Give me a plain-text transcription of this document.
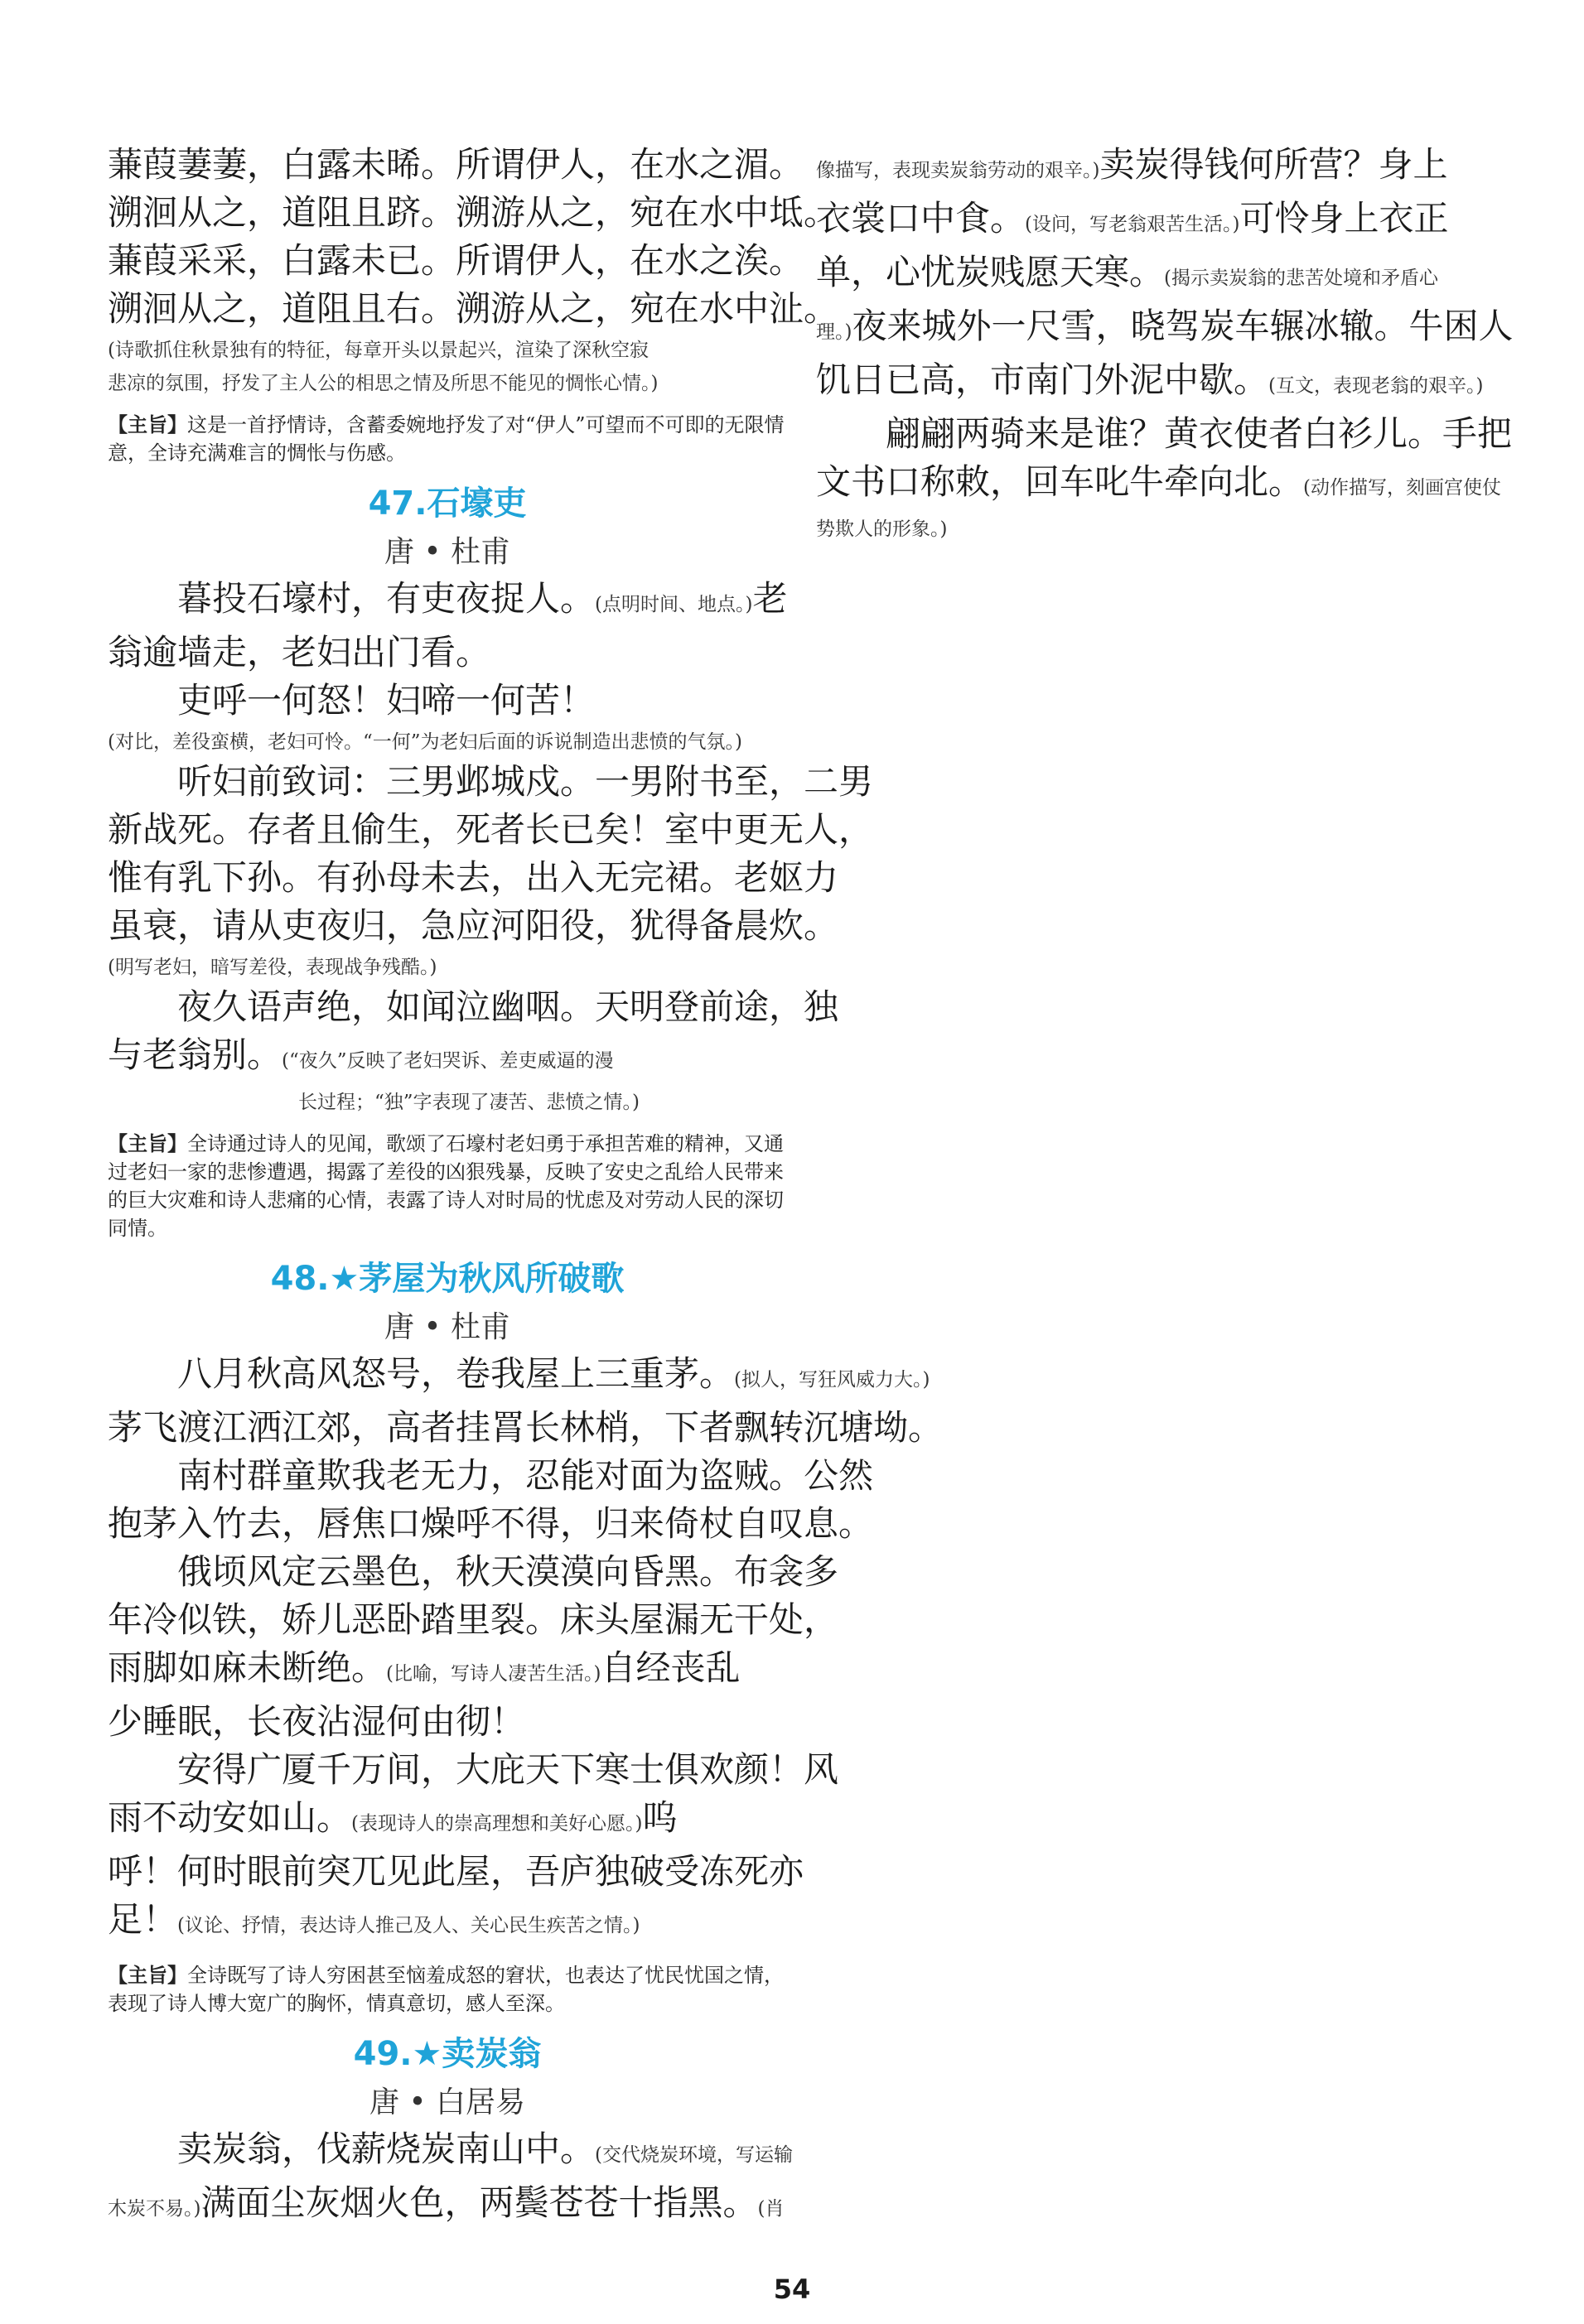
蒹葭萋萋，白露未晞。所谓伊人，在水之湄。

溯洄从之，道阻且跻。溯游从之，宛在水中坻。

蒹葭采采，白露未已。所谓伊人，在水之涘。

溯洄从之，道阻且右。溯游从之，宛在水中沚。

(诗歌抓住秋景独有的特征，每章开头以景起兴，渲染了深秋空寂

悲凉的氛围，抒发了主人公的相思之情及所思不能见的惆怅心情。)

【主旨】这是一首抒情诗，含蓄委婉地抒发了对“伊人”可望而不可即的无限情意，全诗充满难言的惆怅与伤感。

47.石壕吏

唐 • 杜甫

暮投石壕村，有吏夜捉人。(点明时间、地点。)老

翁逾墙走，老妇出门看。

吏呼一何怒！妇啼一何苦！

(对比，差役蛮横，老妇可怜。“一何”为老妇后面的诉说制造出悲愤的气氛。)

听妇前致词：三男邺城戍。一男附书至，二男

新战死。存者且偷生，死者长已矣！室中更无人，

惟有乳下孙。有孙母未去，出入无完裙。老妪力

虽衰，请从吏夜归，急应河阳役，犹得备晨炊。

(明写老妇，暗写差役，表现战争残酷。)

夜久语声绝，如闻泣幽咽。天明登前途，独

与老翁别。(“夜久”反映了老妇哭诉、差吏威逼的漫

长过程；“独”字表现了凄苦、悲愤之情。)

【主旨】全诗通过诗人的见闻，歌颂了石壕村老妇勇于承担苦难的精神，又通过老妇一家的悲惨遭遇，揭露了差役的凶狠残暴，反映了安史之乱给人民带来的巨大灾难和诗人悲痛的心情，表露了诗人对时局的忧虑及对劳动人民的深切同情。

48.★茅屋为秋风所破歌

唐 • 杜甫

八月秋高风怒号，卷我屋上三重茅。(拟人，写狂风威力大。)

茅飞渡江洒江郊，高者挂罥长林梢，下者飘转沉塘坳。

南村群童欺我老无力，忍能对面为盗贼。公然

抱茅入竹去，唇焦口燥呼不得，归来倚杖自叹息。

俄顷风定云墨色，秋天漠漠向昏黑。布衾多

年冷似铁，娇儿恶卧踏里裂。床头屋漏无干处，

雨脚如麻未断绝。(比喻，写诗人凄苦生活。)自经丧乱

少睡眠，长夜沾湿何由彻！

安得广厦千万间，大庇天下寒士俱欢颜！风

雨不动安如山。(表现诗人的崇高理想和美好心愿。)呜

呼！何时眼前突兀见此屋，吾庐独破受冻死亦

足！(议论、抒情，表达诗人推己及人、关心民生疾苦之情。)

【主旨】全诗既写了诗人穷困甚至恼羞成怒的窘状，也表达了忧民忧国之情，表现了诗人博大宽广的胸怀，情真意切，感人至深。

49.★卖炭翁

唐 • 白居易

卖炭翁，伐薪烧炭南山中。(交代烧炭环境，写运输

木炭不易。)满面尘灰烟火色，两鬓苍苍十指黑。(肖

像描写，表现卖炭翁劳动的艰辛。)卖炭得钱何所营？身上

衣裳口中食。(设问，写老翁艰苦生活。)可怜身上衣正

单，心忧炭贱愿天寒。(揭示卖炭翁的悲苦处境和矛盾心

理。)夜来城外一尺雪，晓驾炭车辗冰辙。牛困人

饥日已高，市南门外泥中歇。(互文，表现老翁的艰辛。)

翩翩两骑来是谁？黄衣使者白衫儿。手把

文书口称敕，回车叱牛牵向北。(动作描写，刻画宫使仗

势欺人的形象。)

54
